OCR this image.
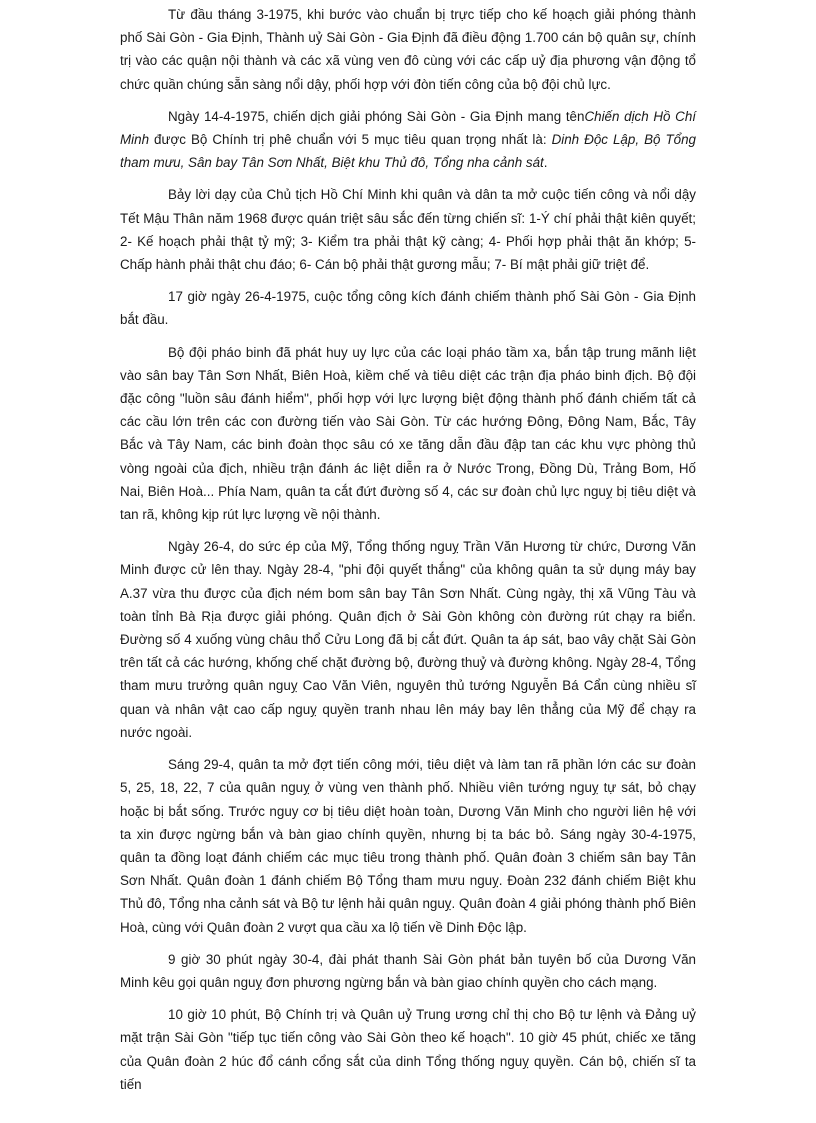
Từ đầu tháng 3-1975, khi bước vào chuẩn bị trực tiếp cho kế hoạch giải phóng thành phố Sài Gòn - Gia Định, Thành uỷ Sài Gòn - Gia Định đã điều động 1.700 cán bộ quân sự, chính trị vào các quận nội thành và các xã vùng ven đô cùng với các cấp uỷ địa phương vận động tổ chức quần chúng sẵn sàng nổi dậy, phối hợp với đòn tiến công của bộ đội chủ lực.

Ngày 14-4-1975, chiến dịch giải phóng Sài Gòn - Gia Định mang tênChiến dịch Hồ Chí Minh được Bộ Chính trị phê chuẩn với 5 mục tiêu quan trọng nhất là: Dinh Độc Lập, Bộ Tổng tham mưu, Sân bay Tân Sơn Nhất, Biệt khu Thủ đô, Tổng nha cảnh sát.

Bảy lời dạy của Chủ tịch Hồ Chí Minh khi quân và dân ta mở cuộc tiến công và nổi dậy Tết Mậu Thân năm 1968 được quán triệt sâu sắc đến từng chiến sĩ: 1-Ý chí phải thật kiên quyết; 2- Kế hoạch phải thật tỷ mỹ; 3- Kiểm tra phải thật kỹ càng; 4- Phối hợp phải thật ăn khớp; 5- Chấp hành phải thật chu đáo; 6- Cán bộ phải thật gương mẫu; 7- Bí mật phải giữ triệt để.

17 giờ ngày 26-4-1975, cuộc tổng công kích đánh chiếm thành phố Sài Gòn - Gia Định bắt đầu.

Bộ đội pháo binh đã phát huy uy lực của các loại pháo tầm xa, bắn tập trung mãnh liệt vào sân bay Tân Sơn Nhất, Biên Hoà, kiềm chế và tiêu diệt các trận địa pháo binh địch. Bộ đội đặc công "luồn sâu đánh hiểm", phối hợp với lực lượng biệt động thành phố đánh chiếm tất cả các cầu lớn trên các con đường tiến vào Sài Gòn. Từ các hướng Đông, Đông Nam, Bắc, Tây Bắc và Tây Nam, các binh đoàn thọc sâu có xe tăng dẫn đầu đập tan các khu vực phòng thủ vòng ngoài của địch, nhiều trận đánh ác liệt diễn ra ở Nước Trong, Đồng Dù, Trảng Bom, Hố Nai, Biên Hoà... Phía Nam, quân ta cắt đứt đường số 4, các sư đoàn chủ lực nguỵ bị tiêu diệt và tan rã, không kịp rút lực lượng về nội thành.

Ngày 26-4, do sức ép của Mỹ, Tổng thống nguỵ Trần Văn Hương từ chức, Dương Văn Minh được cử lên thay. Ngày 28-4, "phi đội quyết thắng" của không quân ta sử dụng máy bay A.37 vừa thu được của địch ném bom sân bay Tân Sơn Nhất. Cùng ngày, thị xã Vũng Tàu và toàn tỉnh Bà Rịa được giải phóng. Quân địch ở Sài Gòn không còn đường rút chạy ra biển. Đường số 4 xuống vùng châu thổ Cửu Long đã bị cắt đứt. Quân ta áp sát, bao vây chặt Sài Gòn trên tất cả các hướng, khống chế chặt đường bộ, đường thuỷ và đường không. Ngày 28-4, Tổng tham mưu trưởng quân nguỵ Cao Văn Viên, nguyên thủ tướng Nguyễn Bá Cẩn cùng nhiều sĩ quan và nhân vật cao cấp nguỵ quyền tranh nhau lên máy bay lên thẳng của Mỹ để chạy ra nước ngoài.

Sáng 29-4, quân ta mở đợt tiến công mới, tiêu diệt và làm tan rã phần lớn các sư đoàn 5, 25, 18, 22, 7 của quân nguỵ ở vùng ven thành phố. Nhiều viên tướng nguỵ tự sát, bỏ chạy hoặc bị bắt sống. Trước nguy cơ bị tiêu diệt hoàn toàn, Dương Văn Minh cho người liên hệ với ta xin được ngừng bắn và bàn giao chính quyền, nhưng bị ta bác bỏ. Sáng ngày 30-4-1975, quân ta đồng loạt đánh chiếm các mục tiêu trong thành phố. Quân đoàn 3 chiếm sân bay Tân Sơn Nhất. Quân đoàn 1 đánh chiếm Bộ Tổng tham mưu nguỵ. Đoàn 232 đánh chiếm Biệt khu Thủ đô, Tổng nha cảnh sát và Bộ tư lệnh hải quân nguỵ. Quân đoàn 4 giải phóng thành phố Biên Hoà, cùng với Quân đoàn 2 vượt qua cầu xa lộ tiến về Dinh Độc lập.

9 giờ 30 phút ngày 30-4, đài phát thanh Sài Gòn phát bản tuyên bố của Dương Văn Minh kêu gọi quân nguỵ đơn phương ngừng bắn và bàn giao chính quyền cho cách mạng.

10 giờ 10 phút, Bộ Chính trị và Quân uỷ Trung ương chỉ thị cho Bộ tư lệnh và Đảng uỷ mặt trận Sài Gòn "tiếp tục tiến công vào Sài Gòn theo kế hoạch". 10 giờ 45 phút, chiếc xe tăng của Quân đoàn 2 húc đổ cánh cổng sắt của dinh Tổng thống nguỵ quyền. Cán bộ, chiến sĩ ta tiến
